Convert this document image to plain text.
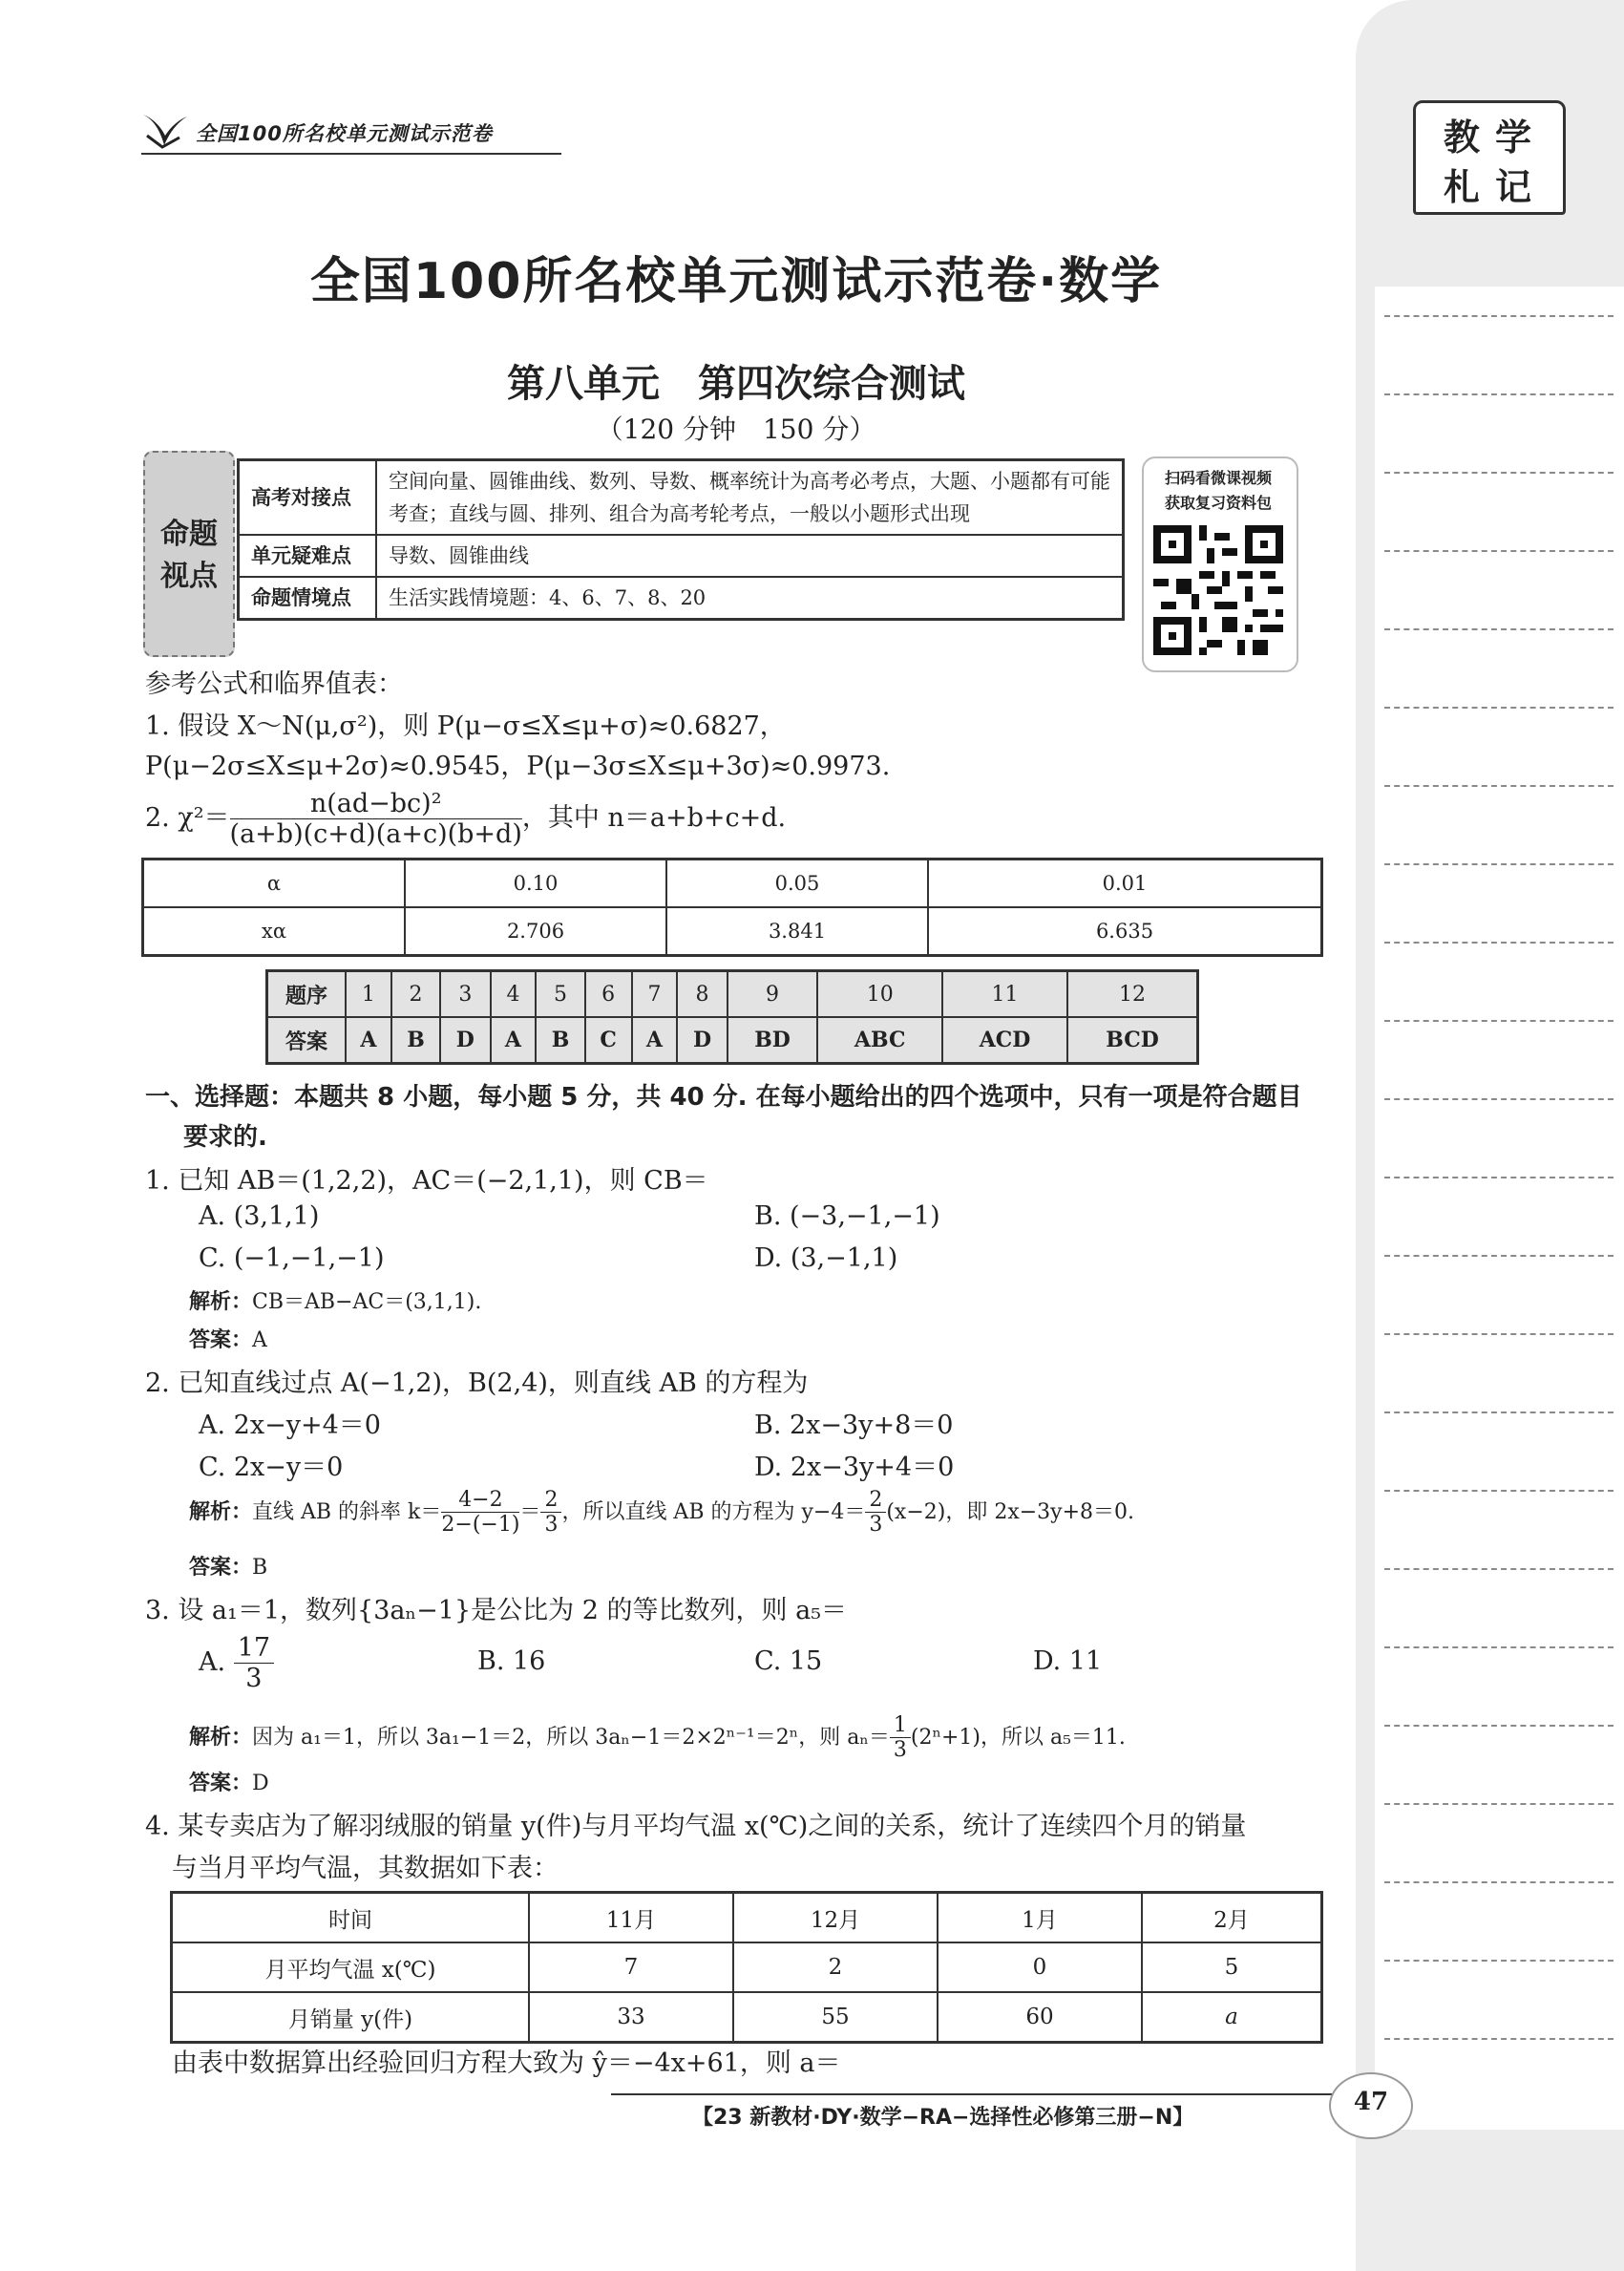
教 学
札 记
全国100所名校单元测试示范卷
全国100所名校单元测试示范卷·数学
第八单元　第四次综合测试
（120 分钟　150 分）
命题
视点
高考对接点	空间向量、圆锥曲线、数列、导数、概率统计为高考必考点，大题、小题都有可能考查；直线与圆、排列、组合为高考轮考点，一般以小题形式出现
单元疑难点	导数、圆锥曲线
命题情境点	生活实践情境题：4、6、7、8、20
扫码看微课视频
获取复习资料包
参考公式和临界值表：
1. 假设 X～N(μ,σ²)，则 P(μ−σ≤X≤μ+σ)≈0.6827，
P(μ−2σ≤X≤μ+2σ)≈0.9545，P(μ−3σ≤X≤μ+3σ)≈0.9973.
2. $\chi^2= \frac{\text{n(ad−bc)²}}{(a+b)(c+d)(a+c)(b+d)}$ ，其中 n＝a+b+c+d.
α	0.10	0.05	0.01
xα	2.706	3.841	6.635
题序	1	2	3	4	5	6	7	8	9	10	11	12
答案	A	B	D	A	B	C	A	D	BD	ABC	ACD	BCD
一、选择题：本题共 8 小题，每小题 5 分，共 40 分. 在每小题给出的四个选项中，只有一项是符合题目
要求的.
1. 已知 AB＝(1,2,2)，AC＝(−2,1,1)，则 CB＝
A. (3,1,1)	B. (−3,−1,−1)
C. (−1,−1,−1)	D. (3,−1,1)
解析：CB＝AB−AC＝(3,1,1).
答案：A
2. 已知直线过点 A(−1,2)，B(2,4)，则直线 AB 的方程为
A. 2x−y+4＝0	B. 2x−3y+8＝0
C. 2x−y＝0	D. 2x−3y+4＝0
解析：直线 AB 的斜率 $k= \frac{4-2}{2-(-1)} = \frac{2}{3}$ ，所以直线 AB 的方程为 $y-4= \frac{2}{3} (x-2)$，即 2x−3y+8＝0.
答案：B
3. 设 a₁＝1，数列{3aₙ−1}是公比为 2 的等比数列，则 a₅＝
A. $\frac{17}{3}$	B. 16	C. 15	D. 11
解析：因为 a₁＝1，所以 3a₁−1＝2，所以 3aₙ−1＝2×2ⁿ⁻¹＝2ⁿ，则 $a_n= \frac{1}{3} (2^n+1)$，所以 a₅＝11.
答案：D
4. 某专卖店为了解羽绒服的销量 y(件)与月平均气温 x(℃)之间的关系，统计了连续四个月的销量
与当月平均气温，其数据如下表：
时间	11月	12月	1月	2月
月平均气温 x(℃)	7	2	0	5
月销量 y(件)	33	55	60	a
由表中数据算出经验回归方程大致为 ŷ＝−4x+61，则 a＝
【23 新教材·DY·数学−RA−选择性必修第三册−N】
47
